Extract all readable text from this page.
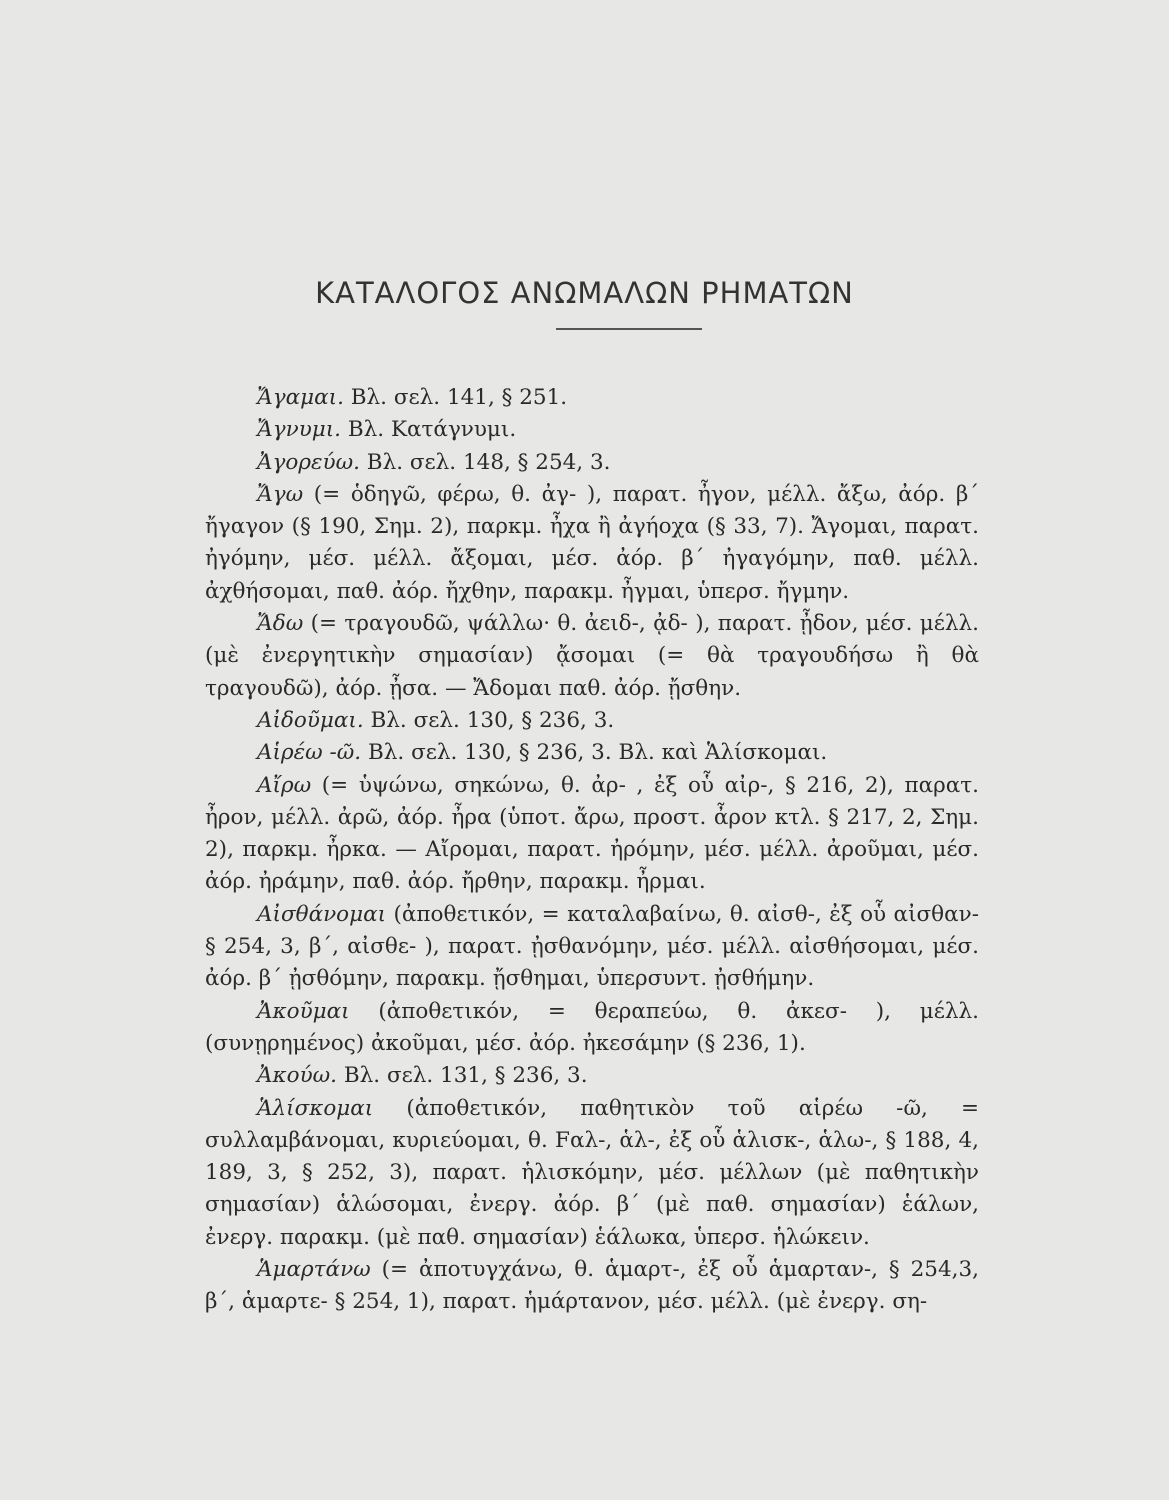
ΚΑΤΑΛΟΓΟΣ ΑΝΩΜΑΛΩΝ ΡΗΜΑΤΩΝ

Ἄγαμαι. Βλ. σελ. 141, § 251.

Ἄγνυμι. Βλ. Κατάγνυμι.

Ἀγορεύω. Βλ. σελ. 148, § 254, 3.

Ἄγω (= ὁδηγῶ, φέρω, θ. ἀγ- ), παρατ. ἦγον, μέλλ. ἄξω, ἀόρ. β΄ ἤγαγον (§ 190, Σημ. 2), παρκμ. ἦχα ἢ ἀγήοχα (§ 33, 7). Ἄγομαι, παρατ. ἠγόμην, μέσ. μέλλ. ἄξομαι, μέσ. ἀόρ. β΄ ἠγαγόμην, παθ. μέλλ. ἀχθήσομαι, παθ. ἀόρ. ἤχθην, παρακμ. ἦγμαι, ὑπερσ. ἤγμην.

Ἄδω (= τραγουδῶ, ψάλλω· θ. ἀειδ-, ᾀδ- ), παρατ. ᾖδον, μέσ. μέλλ. (μὲ ἐνεργητικὴν σημασίαν) ᾄσομαι (= θὰ τραγουδήσω ἢ θὰ τραγουδῶ), ἀόρ. ᾖσα. — Ἄδομαι παθ. ἀόρ. ᾔσθην.

Αἰδοῦμαι. Βλ. σελ. 130, § 236, 3.

Αἱρέω -ῶ. Βλ. σελ. 130, § 236, 3. Βλ. καὶ Ἁλίσκομαι.

Αἴρω (= ὑψώνω, σηκώνω, θ. ἀρ- , ἐξ οὗ αἰρ-, § 216, 2), παρατ. ἦρον, μέλλ. ἀρῶ, ἀόρ. ἦρα (ὑποτ. ἄρω, προστ. ἆρον κτλ. § 217, 2, Σημ. 2), παρκμ. ἦρκα. — Αἴρομαι, παρατ. ἠρόμην, μέσ. μέλλ. ἀροῦμαι, μέσ. ἀόρ. ἠράμην, παθ. ἀόρ. ἤρθην, παρακμ. ἦρμαι.

Αἰσθάνομαι (ἀποθετικόν, = καταλαβαίνω, θ. αἰσθ-, ἐξ οὗ αἰσθαν- § 254, 3, β΄, αἰσθε- ), παρατ. ᾐσθανόμην, μέσ. μέλλ. αἰσθήσομαι, μέσ. ἀόρ. β΄ ᾐσθόμην, παρακμ. ᾔσθημαι, ὑπερσυντ. ᾐσθήμην.

Ἀκοῦμαι (ἀποθετικόν, = θεραπεύω, θ. ἀκεσ- ), μέλλ. (συνῃρημένος) ἀκοῦμαι, μέσ. ἀόρ. ἠκεσάμην (§ 236, 1).

Ἀκούω. Βλ. σελ. 131, § 236, 3.

Ἁλίσκομαι (ἀποθετικόν, παθητικὸν τοῦ αἱρέω -ῶ, = συλλαμβάνομαι, κυριεύομαι, θ. Fαλ-, ἁλ-, ἐξ οὗ ἁλισκ-, ἁλω-, § 188, 4, 189, 3, § 252, 3), παρατ. ἡλισκόμην, μέσ. μέλλων (μὲ παθητικὴν σημασίαν) ἁλώσομαι, ἐνεργ. ἀόρ. β΄ (μὲ παθ. σημασίαν) ἑάλων, ἐνεργ. παρακμ. (μὲ παθ. σημασίαν) ἑάλωκα, ὑπερσ. ἡλώκειν.

Ἁμαρτάνω (= ἀποτυγχάνω, θ. ἁμαρτ-, ἐξ οὗ ἁμαρταν-, § 254,3, β΄, ἁμαρτε- § 254, 1), παρατ. ἡμάρτανον, μέσ. μέλλ. (μὲ ἐνεργ. ση-
